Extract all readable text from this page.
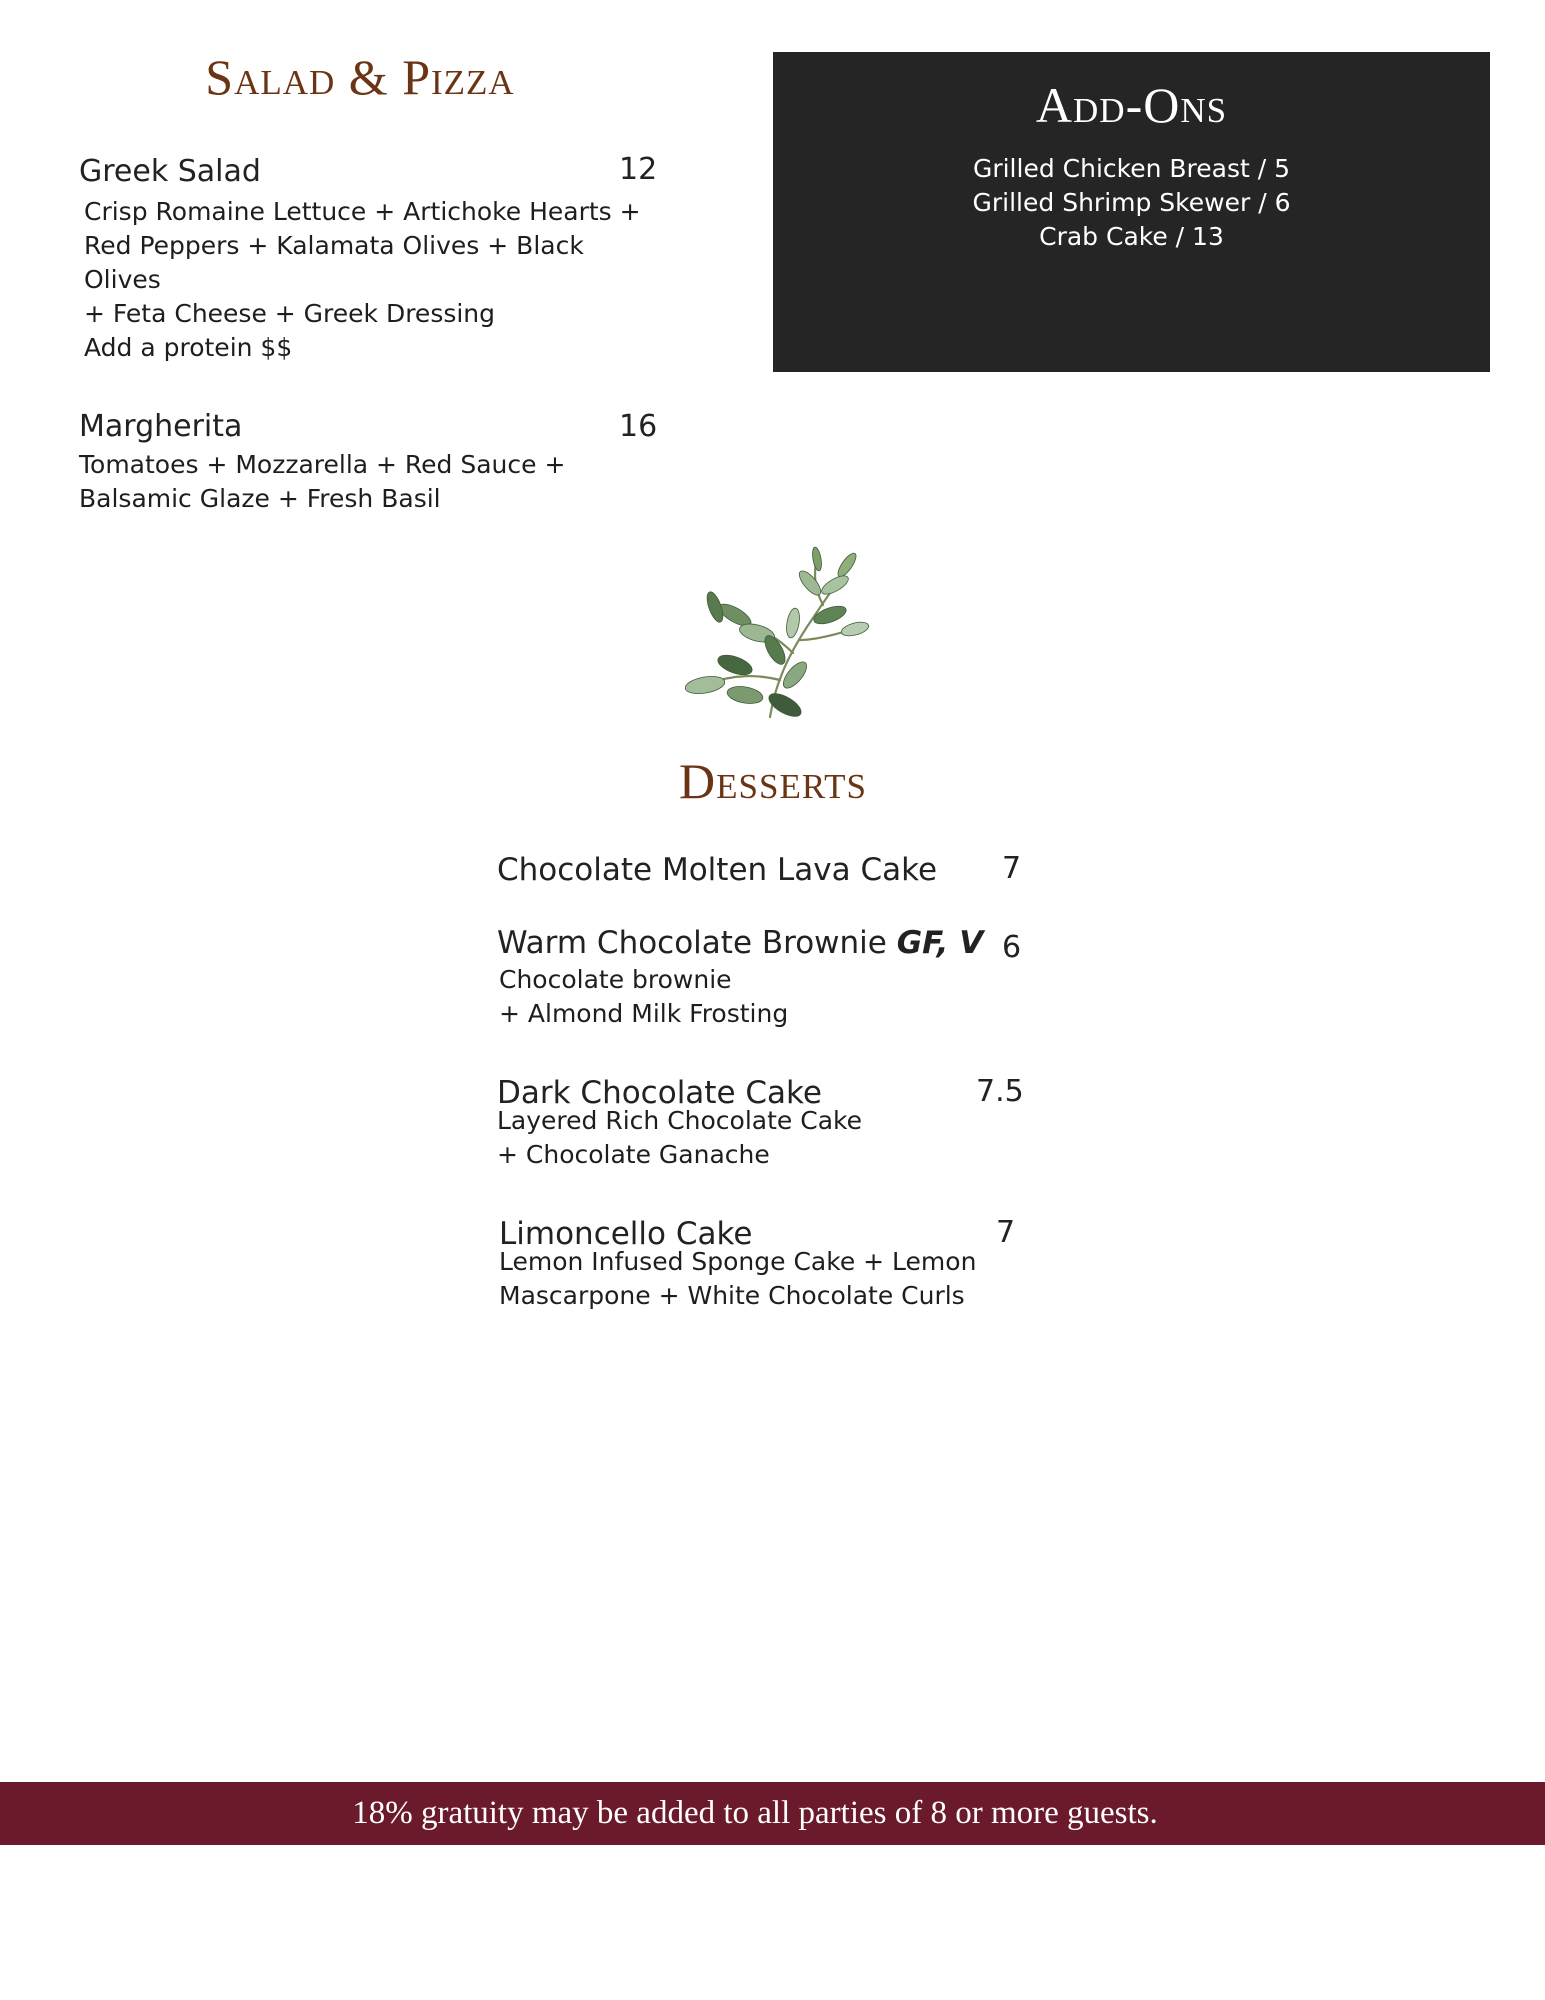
Salad & Pizza
Greek Salad	12
Crisp Romaine Lettuce + Artichoke Hearts +
Red Peppers + Kalamata Olives + Black Olives
+ Feta Cheese + Greek Dressing
Add a protein $$
Margherita	16
Tomatoes + Mozzarella + Red Sauce +
Balsamic Glaze + Fresh Basil
Add-Ons
Grilled Chicken Breast / 5
Grilled Shrimp Skewer / 6
Crab Cake / 13
Desserts
Chocolate Molten Lava Cake 7
Warm Chocolate Brownie GF, V 6
Chocolate brownie
+ Almond Milk Frosting
Dark Chocolate Cake	7.5
Layered Rich Chocolate Cake
+ Chocolate Ganache
Limoncello Cake	7
Lemon Infused Sponge Cake + Lemon
Mascarpone + White Chocolate Curls
18% gratuity may be added to all parties of 8 or more guests.
